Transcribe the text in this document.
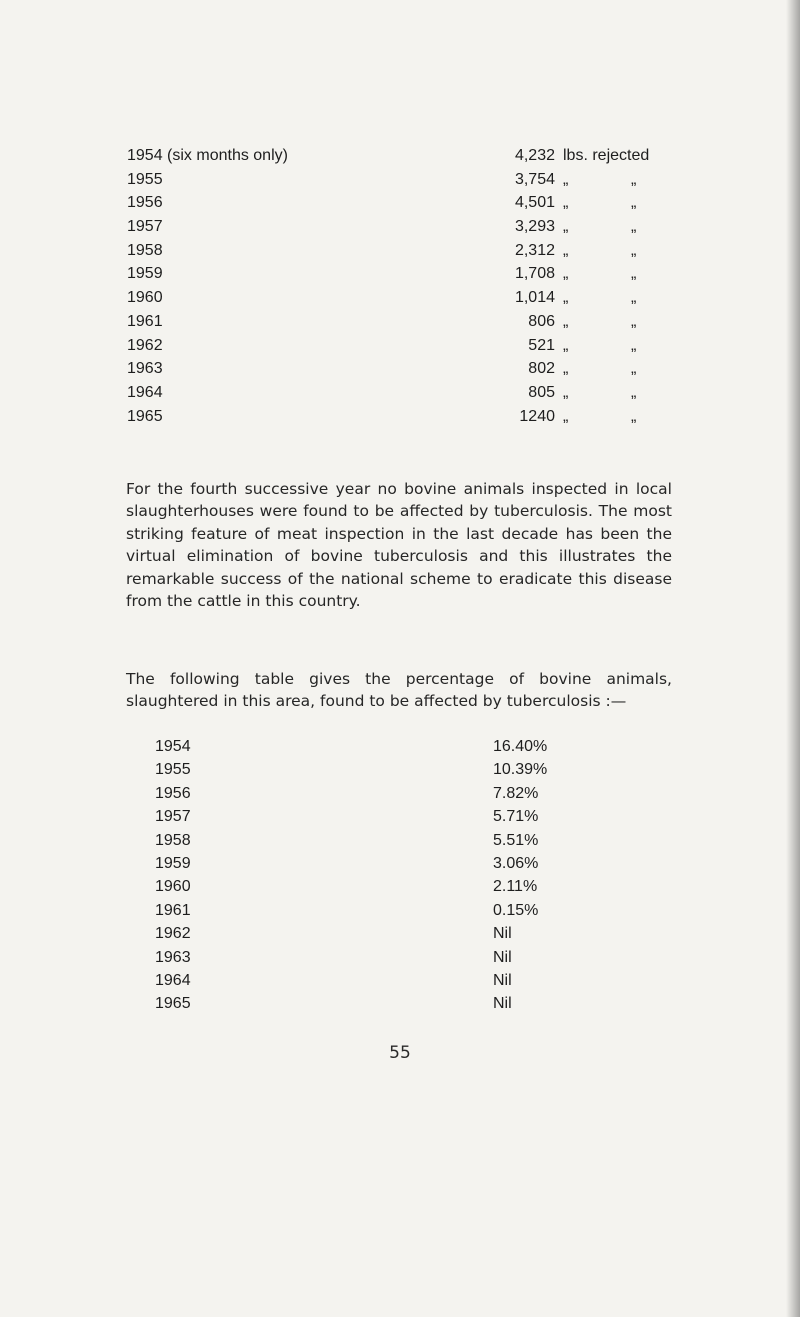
1954 (six months only)	4,232 lbs. rejected
1955	3,754 „	„
1956	4,501 „	„
1957	3,293 „	„
1958	2,312 „	„
1959	1,708 „	„
1960	1,014 „	„
1961	806 „	„
1962	521 „	„
1963	802 „	„
1964	805 „	„
1965	1240 „	„

For the fourth successive year no bovine animals inspected in local slaughterhouses were found to be affected by tuberculosis. The most striking feature of meat inspection in the last decade has been the virtual elimination of bovine tuberculosis and this illustrates the remarkable success of the national scheme to eradicate this disease from the cattle in this country.

The following table gives the percentage of bovine animals, slaughtered in this area, found to be affected by tuberculosis :—

1954	16.40%
1955	10.39%
1956	7.82%
1957	5.71%
1958	5.51%
1959	3.06%
1960	2.11%
1961	0.15%
1962	Nil
1963	Nil
1964	Nil
1965	Nil
55
